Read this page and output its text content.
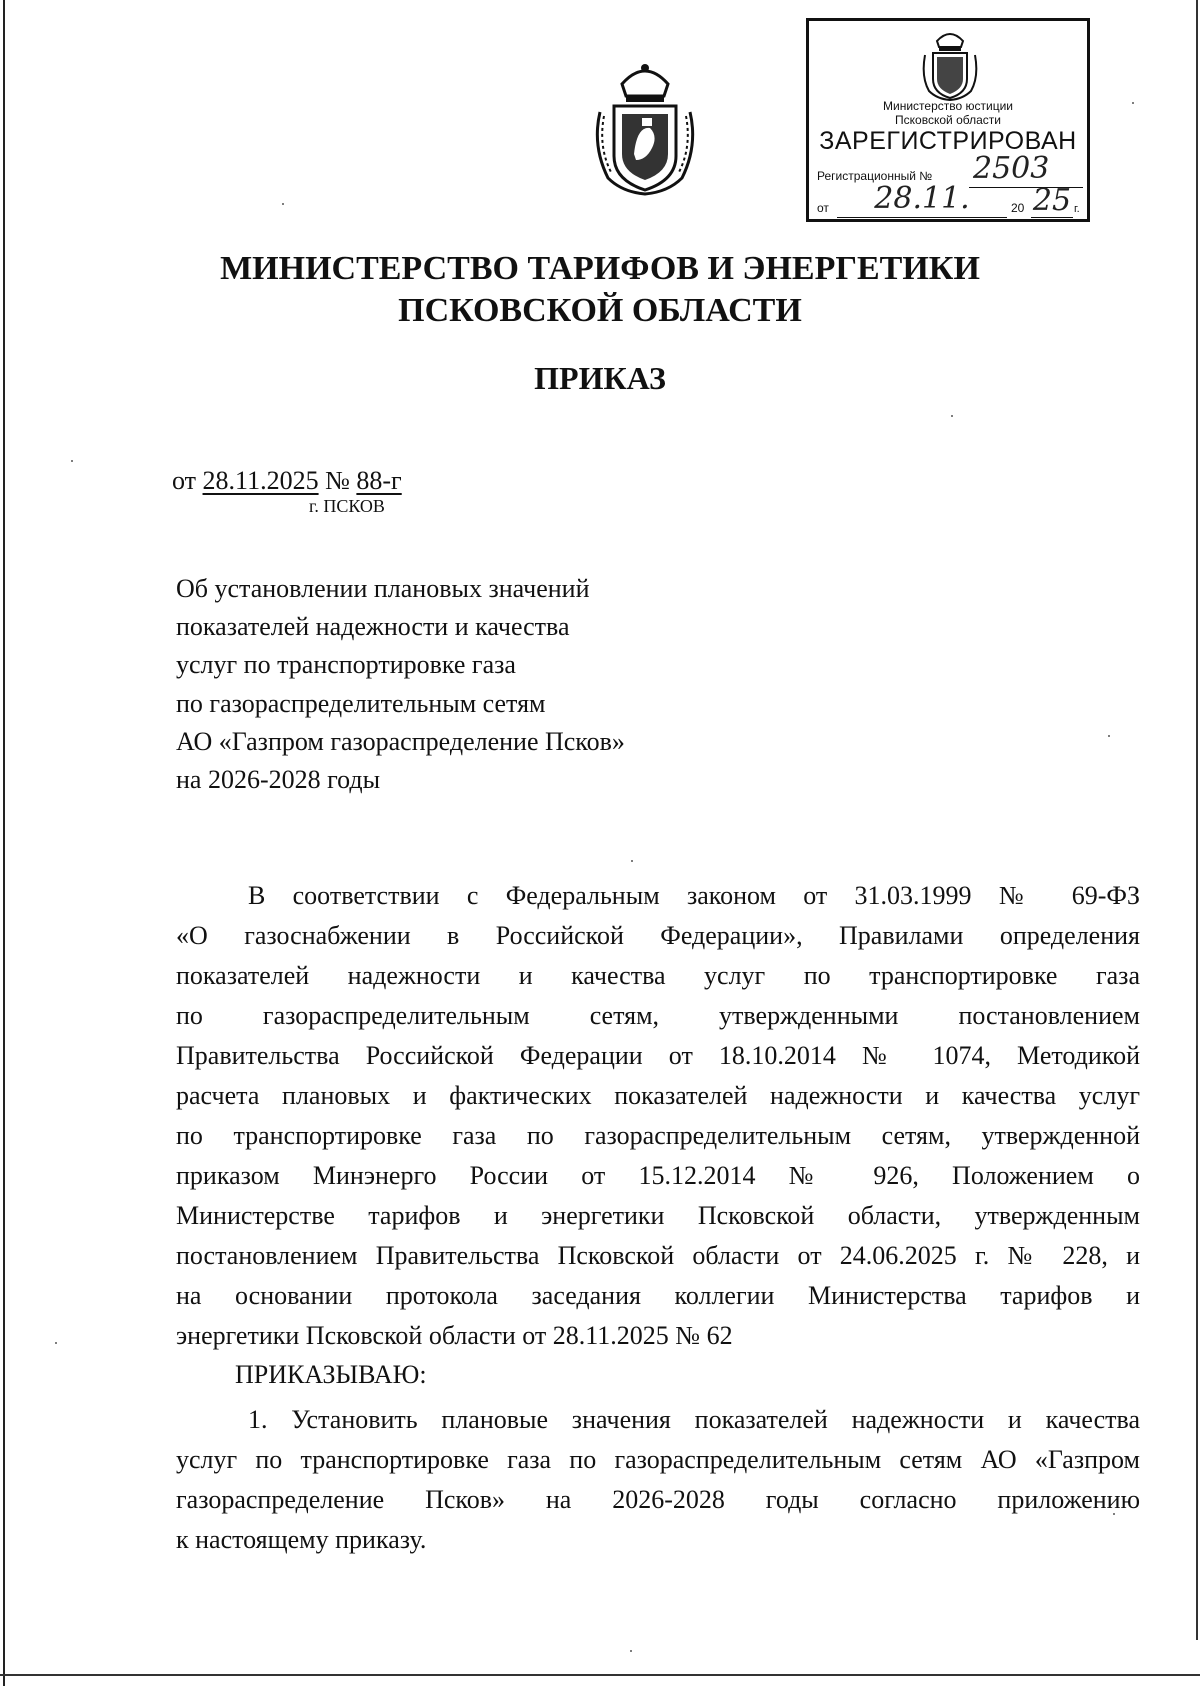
Министерство юстиции
Псковской области
ЗАРЕГИСТРИРОВАН
Регистрационный № 2503
от	28.11.	20 25 г.
МИНИСТЕРСТВО ТАРИФОВ И ЭНЕРГЕТИКИ
ПСКОВСКОЙ ОБЛАСТИ
ПРИКАЗ
от 28.11.2025 № 88-г
г. ПСКОВ
Об установлении плановых значений
показателей надежности и качества
услуг по транспортировке газа
по газораспределительным сетям
АО «Газпром газораспределение Псков»
на 2026-2028 годы

В соответствии с Федеральным законом от 31.03.1999 № 69-ФЗ

«О газоснабжении в Российской Федерации», Правилами определения

показателей надежности и качества услуг по транспортировке газа

по газораспределительным сетям, утвержденными постановлением

Правительства Российской Федерации от 18.10.2014 № 1074, Методикой

расчета плановых и фактических показателей надежности и качества услуг

по транспортировке газа по газораспределительным сетям, утвержденной

приказом Минэнерго России от 15.12.2014 № 926, Положением о

Министерстве тарифов и энергетики Псковской области, утвержденным

постановлением Правительства Псковской области от 24.06.2025 г. № 228, и

на основании протокола заседания коллегии Министерства тарифов и

энергетики Псковской области от 28.11.2025 № 62

ПРИКАЗЫВАЮ:

1. Установить плановые значения показателей надежности и качества

услуг по транспортировке газа по газораспределительным сетям АО «Газпром

газораспределение Псков» на 2026-2028 годы согласно приложению

к настоящему приказу.
